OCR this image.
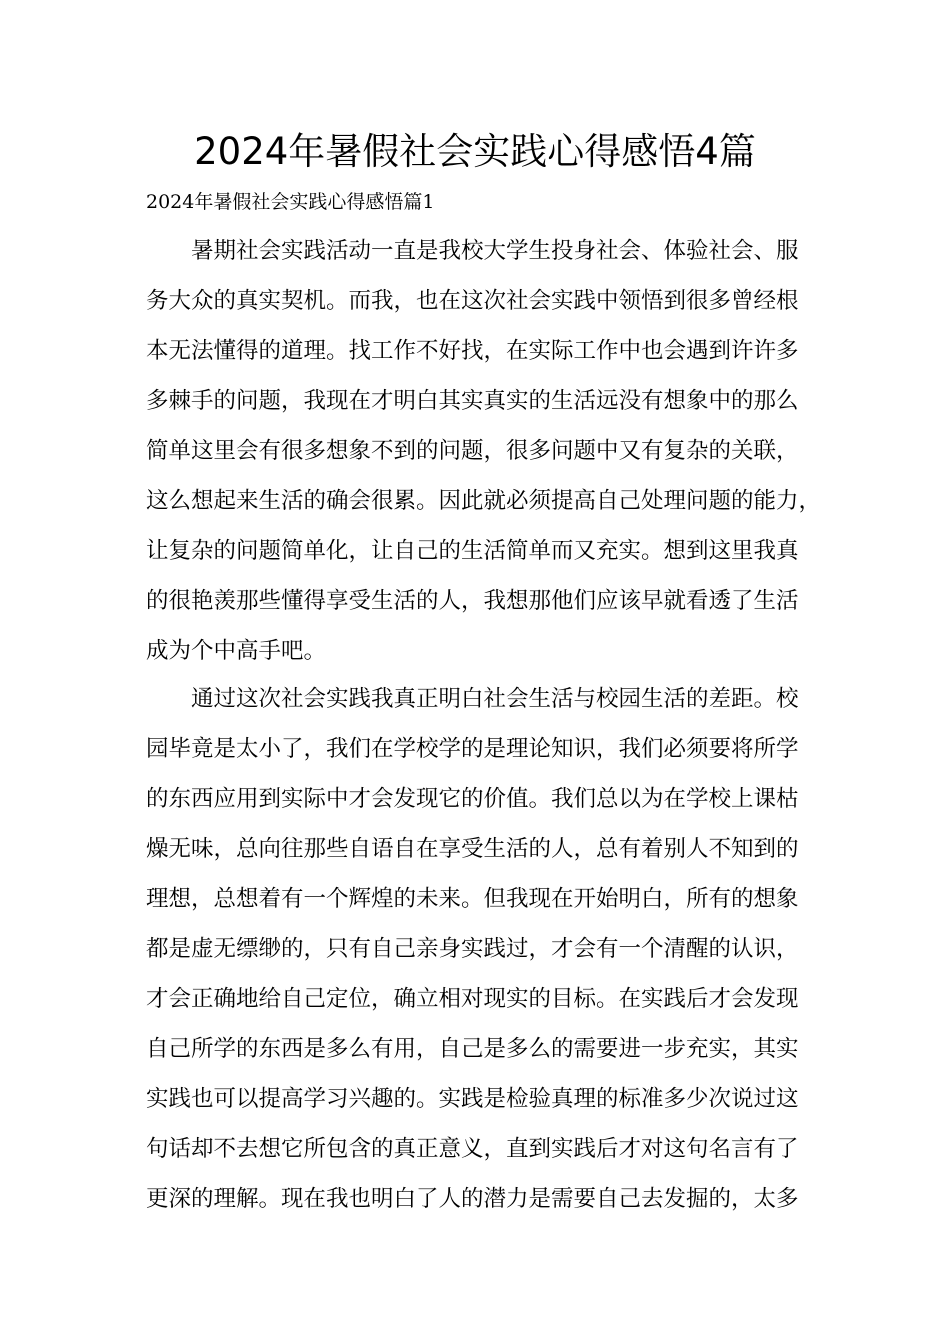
2024年暑假社会实践心得感悟4篇

2024年暑假社会实践心得感悟篇1

暑期社会实践活动一直是我校大学生投身社会、体验社会、服
务大众的真实契机。而我，也在这次社会实践中领悟到很多曾经根
本无法懂得的道理。找工作不好找，在实际工作中也会遇到许许多
多棘手的问题，我现在才明白其实真实的生活远没有想象中的那么
简单这里会有很多想象不到的问题，很多问题中又有复杂的关联，
这么想起来生活的确会很累。因此就必须提高自己处理问题的能力，
让复杂的问题简单化，让自己的生活简单而又充实。想到这里我真
的很艳羡那些懂得享受生活的人，我想那他们应该早就看透了生活
成为个中高手吧。
通过这次社会实践我真正明白社会生活与校园生活的差距。校
园毕竟是太小了，我们在学校学的是理论知识，我们必须要将所学
的东西应用到实际中才会发现它的价值。我们总以为在学校上课枯
燥无味，总向往那些自语自在享受生活的人，总有着别人不知到的
理想，总想着有一个辉煌的未来。但我现在开始明白，所有的想象
都是虚无缥缈的，只有自己亲身实践过，才会有一个清醒的认识，
才会正确地给自己定位，确立相对现实的目标。在实践后才会发现
自己所学的东西是多么有用，自己是多么的需要进一步充实，其实
实践也可以提高学习兴趣的。实践是检验真理的标准多少次说过这
句话却不去想它所包含的真正意义，直到实践后才对这句名言有了
更深的理解。现在我也明白了人的潜力是需要自己去发掘的，太多
